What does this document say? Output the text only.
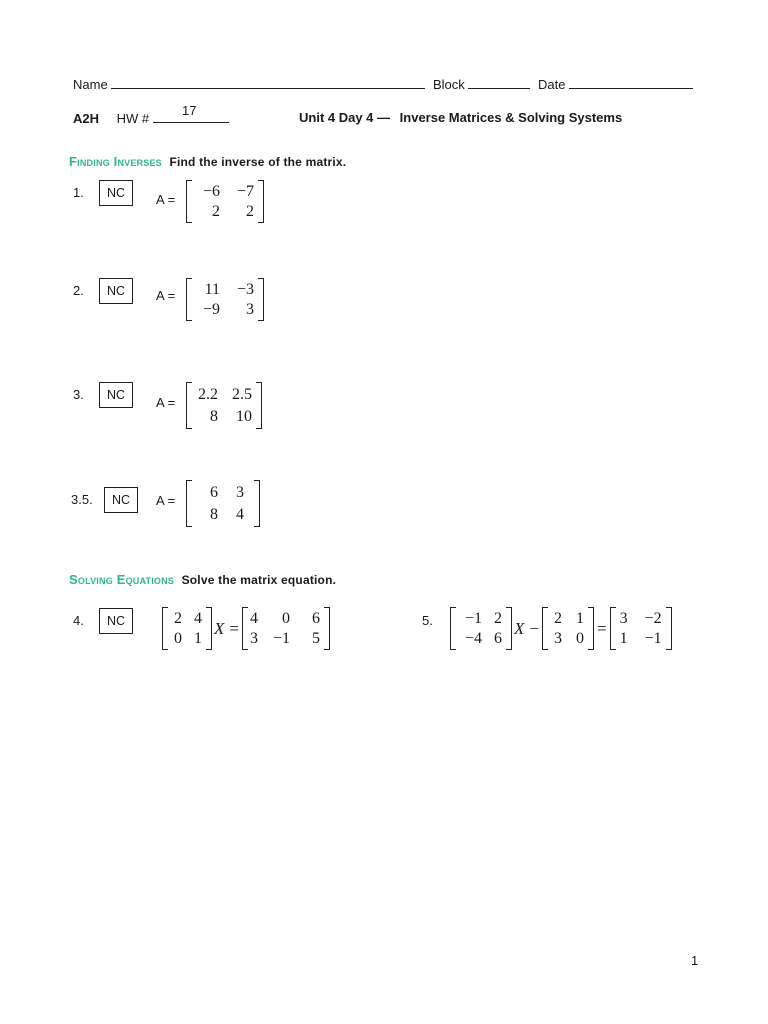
Name	Block	Date
A2H HW #
17	Unit 4 Day 4 — Inverse Matrices & Solving Systems
Finding Inverses Find the inverse of the matrix.
1.	NC	A =	−6	−7
2	2
2.	NC	A =	11	−3
−9	3
3.	NC	A = 2.2 2.5
8	10
3.5.	NC	A =	6	3
8	4
Solving Equations Solve the matrix equation.
4.	NC	2 4
0 1
X = 4	0	6
3 −1	5
5.	−1 2
−4 6
X − 2 1
3 0
= 3	−2
1	−1
1
